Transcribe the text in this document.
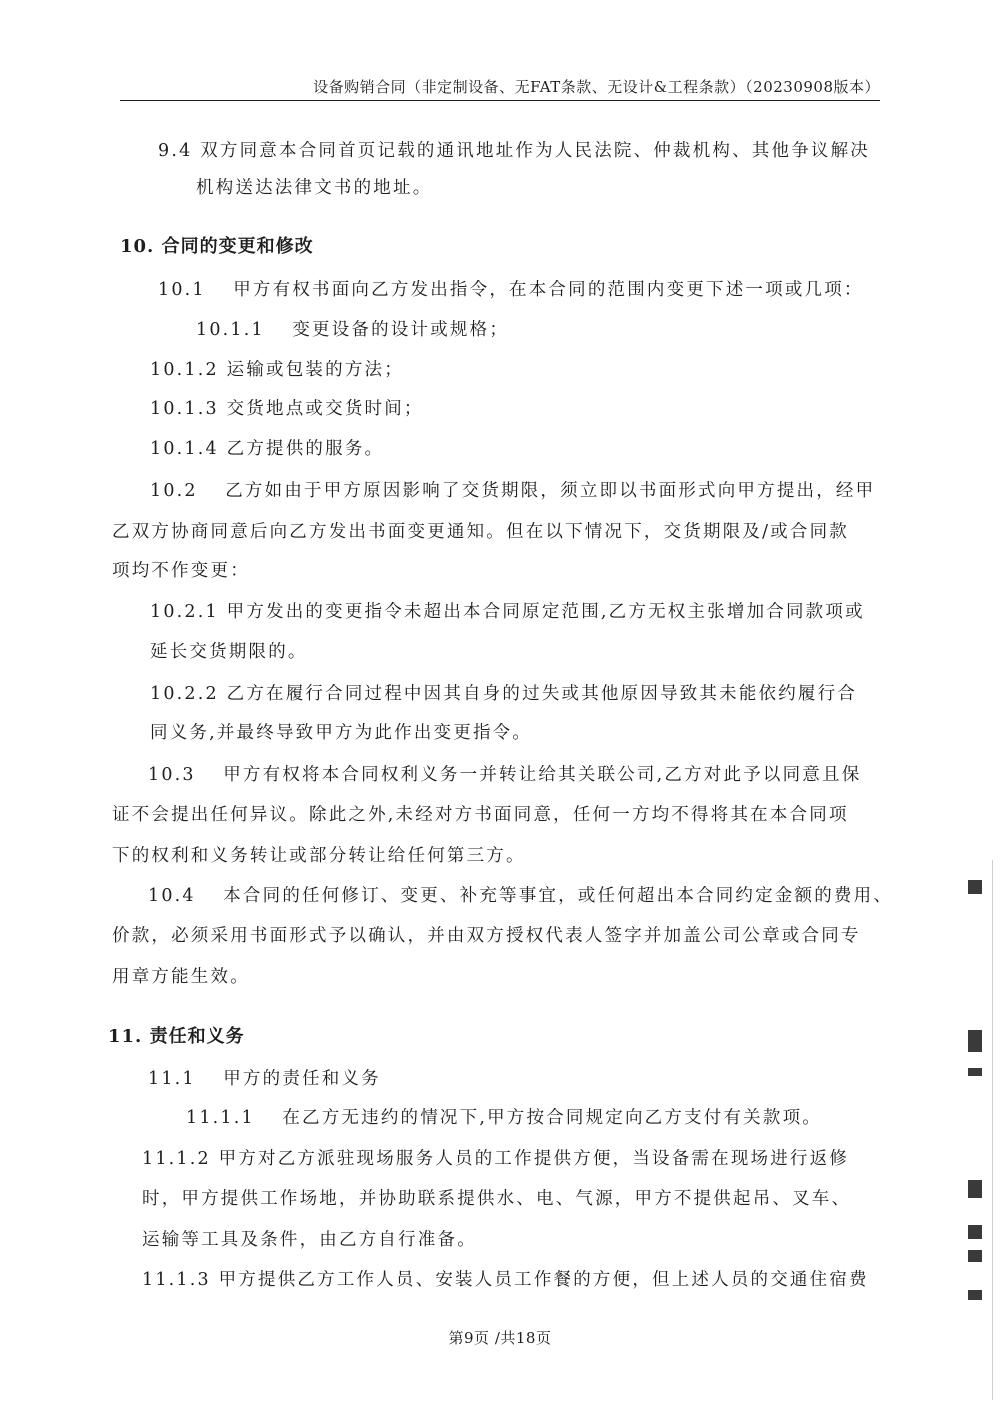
设备购销合同（非定制设备、无FAT条款、无设计&工程条款）（20230908版本）
9.4 双方同意本合同首页记载的通讯地址作为人民法院、仲裁机构、其他争议解决
机构送达法律文书的地址。
10. 合同的变更和修改
10.1　 甲方有权书面向乙方发出指令，在本合同的范围内变更下述一项或几项：
10.1.1　 变更设备的设计或规格；
10.1.2 运输或包装的方法；
10.1.3 交货地点或交货时间；
10.1.4 乙方提供的服务。
10.2　 乙方如由于甲方原因影响了交货期限，须立即以书面形式向甲方提出，经甲
乙双方协商同意后向乙方发出书面变更通知。但在以下情况下，交货期限及/或合同款
项均不作变更：
10.2.1 甲方发出的变更指令未超出本合同原定范围,乙方无权主张增加合同款项或
延长交货期限的。
10.2.2 乙方在履行合同过程中因其自身的过失或其他原因导致其未能依约履行合
同义务,并最终导致甲方为此作出变更指令。
10.3　 甲方有权将本合同权利义务一并转让给其关联公司,乙方对此予以同意且保
证不会提出任何异议。除此之外,未经对方书面同意，任何一方均不得将其在本合同项
下的权利和义务转让或部分转让给任何第三方。
10.4　 本合同的任何修订、变更、补充等事宜，或任何超出本合同约定金额的费用、
价款，必须采用书面形式予以确认，并由双方授权代表人签字并加盖公司公章或合同专
用章方能生效。
11. 责任和义务
11.1　 甲方的责任和义务
11.1.1　 在乙方无违约的情况下,甲方按合同规定向乙方支付有关款项。
11.1.2 甲方对乙方派驻现场服务人员的工作提供方便，当设备需在现场进行返修
时，甲方提供工作场地，并协助联系提供水、电、气源，甲方不提供起吊、叉车、
运输等工具及条件，由乙方自行准备。
11.1.3 甲方提供乙方工作人员、安装人员工作餐的方便，但上述人员的交通住宿费
第9页 /共18页
